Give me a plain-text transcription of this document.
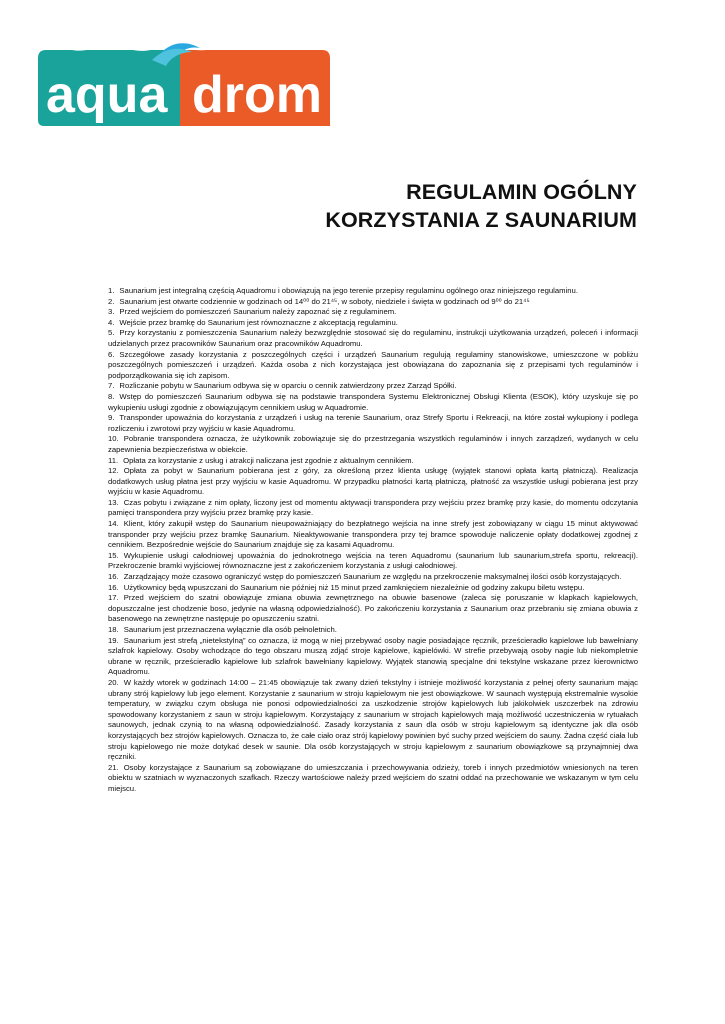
aqua drom
REGULAMIN OGÓLNY
KORZYSTANIA Z SAUNARIUM

1. Saunarium jest integralną częścią Aquadromu i obowiązują na jego terenie przepisy regulaminu ogólnego oraz niniejszego regulaminu.

2. Saunarium jest otwarte codziennie w godzinach od 14⁰⁰ do 21⁴⁵, w soboty, niedziele i święta w godzinach od 9⁰⁰ do 21⁴⁵

3. Przed wejściem do pomieszczeń Saunarium należy zapoznać się z regulaminem.

4. Wejście przez bramkę do Saunarium jest równoznaczne z akceptacją regulaminu.

5. Przy korzystaniu z pomieszczenia Saunarium należy bezwzględnie stosować się do regulaminu, instrukcji użytkowania urządzeń, poleceń i informacji udzielanych przez pracowników Saunarium oraz pracowników Aquadromu.

6. Szczegółowe zasady korzystania z poszczególnych części i urządzeń Saunarium regulują regulaminy stanowiskowe, umieszczone w pobliżu poszczególnych pomieszczeń i urządzeń. Każda osoba z nich korzystająca jest obowiązana do zapoznania się z przepisami tych regulaminów i podporządkowania się ich zapisom.

7. Rozliczanie pobytu w Saunarium odbywa się w oparciu o cennik zatwierdzony przez Zarząd Spółki.

8. Wstęp do pomieszczeń Saunarium odbywa się na podstawie transpondera Systemu Elektronicznej Obsługi Klienta (ESOK), który uzyskuje się po wykupieniu usługi zgodnie z obowiązującym cennikiem usług w Aquadromie.

9. Transponder upoważnia do korzystania z urządzeń i usług na terenie Saunarium, oraz Strefy Sportu i Rekreacji, na które został wykupiony i podlega rozliczeniu i zwrotowi przy wyjściu w kasie Aquadromu.

10. Pobranie transpondera oznacza, że użytkownik zobowiązuje się do przestrzegania wszystkich regulaminów i innych zarządzeń, wydanych w celu zapewnienia bezpieczeństwa w obiekcie.

11. Opłata za korzystanie z usług i atrakcji naliczana jest zgodnie z aktualnym cennikiem.

12. Opłata za pobyt w Saunarium pobierana jest z góry, za określoną przez klienta usługę (wyjątek stanowi opłata kartą płatniczą). Realizacja dodatkowych usług płatna jest przy wyjściu w kasie Aquadromu. W przypadku płatności kartą płatniczą, płatność za wszystkie usługi pobierana jest przy wyjściu w kasie Aquadromu.

13. Czas pobytu i związane z nim opłaty, liczony jest od momentu aktywacji transpondera przy wejściu przez bramkę przy kasie, do momentu odczytania pamięci transpondera przy wyjściu przez bramkę przy kasie.

14. Klient, który zakupił wstęp do Saunarium nieupoważniający do bezpłatnego wejścia na inne strefy jest zobowiązany w ciągu 15 minut aktywować transponder przy wejściu przez bramkę Saunarium. Nieaktywowanie transpondera przy tej bramce spowoduje naliczenie opłaty dodatkowej zgodnej z cennikiem. Bezpośrednie wejście do Saunarium znajduje się za kasami Aquadromu.

15. Wykupienie usługi całodniowej upoważnia do jednokrotnego wejścia na teren Aquadromu (saunarium lub saunarium,strefa sportu, rekreacji). Przekroczenie bramki wyjściowej równoznaczne jest z zakończeniem korzystania z usługi całodniowej.

16. Zarządzający może czasowo ograniczyć wstęp do pomieszczeń Saunarium ze względu na przekroczenie maksymalnej ilości osób korzystających.

16. Użytkownicy będą wpuszczani do Saunarium nie później niż 15 minut przed zamknięciem niezależnie od godziny zakupu biletu wstępu.

17. Przed wejściem do szatni obowiązuje zmiana obuwia zewnętrznego na obuwie basenowe (zaleca się poruszanie w klapkach kąpielowych, dopuszczalne jest chodzenie boso, jedynie na własną odpowiedzialność). Po zakończeniu korzystania z Saunarium oraz przebraniu się zmiana obuwia z basenowego na zewnętrzne następuje po opuszczeniu szatni.

18. Saunarium jest przeznaczena wyłącznie dla osób pełnoletnich.

19. Saunarium jest strefą „nietekstylną” co oznacza, iż mogą w niej przebywać osoby nagie posiadające ręcznik, prześcieradło kąpielowe lub bawełniany szlafrok kąpielowy. Osoby wchodzące do tego obszaru muszą zdjąć stroje kąpielowe, kąpielówki. W strefie przebywają osoby nagie lub niekompletnie ubrane w ręcznik, prześcieradło kąpielowe lub szlafrok bawełniany kąpielowy. Wyjątek stanowią specjalne dni tekstylne wskazane przez kierownictwo Aquadromu.

20. W każdy wtorek w godzinach 14:00 – 21:45 obowiązuje tak zwany dzień tekstylny i istnieje możliwość korzystania z pełnej oferty saunarium mając ubrany strój kąpielowy lub jego element. Korzystanie z saunarium w stroju kąpielowym nie jest obowiązkowe. W saunach występują ekstremalnie wysokie temperatury, w związku czym obsługa nie ponosi odpowiedzialności za uszkodzenie strojów kąpielowych lub jakikolwiek uszczerbek na zdrowiu spowodowany korzystaniem z saun w stroju kąpielowym. Korzystający z saunarium w strojach kąpielowych mają możliwość uczestniczenia w rytuałach saunowych, jednak czynią to na własną odpowiedzialność. Zasady korzystania z saun dla osób w stroju kąpielowym są identyczne jak dla osób korzystających bez strojów kąpielowych. Oznacza to, że całe ciało oraz strój kąpielowy powinien być suchy przed wejściem do sauny. Żadna część ciała lub stroju kąpielowego nie może dotykać desek w saunie. Dla osób korzystających w stroju kąpielowym z saunarium obowiązkowe są przynajmniej dwa ręczniki.

21. Osoby korzystające z Saunarium są zobowiązane do umieszczania i przechowywania odzieży, toreb i innych przedmiotów wniesionych na teren obiektu w szatniach w wyznaczonych szafkach. Rzeczy wartościowe należy przed wejściem do szatni oddać na przechowanie we wskazanym w tym celu miejscu.
